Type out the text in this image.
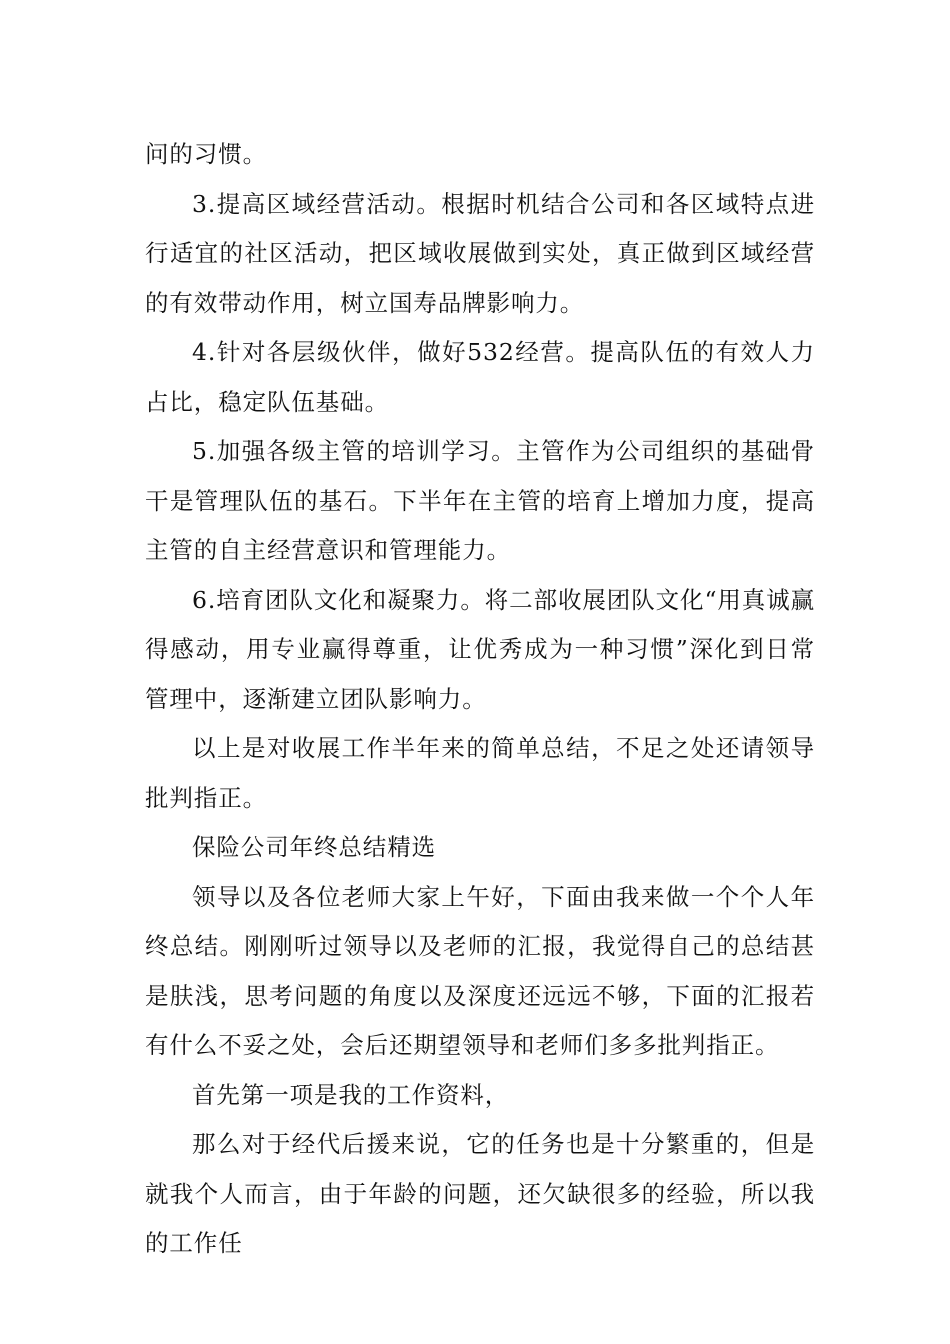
问的习惯。

3.提高区域经营活动。根据时机结合公司和各区域特点进行适宜的社区活动，把区域收展做到实处，真正做到区域经营的有效带动作用，树立国寿品牌影响力。

4.针对各层级伙伴，做好532经营。提高队伍的有效人力占比，稳定队伍基础。

5.加强各级主管的培训学习。主管作为公司组织的基础骨干是管理队伍的基石。下半年在主管的培育上增加力度，提高主管的自主经营意识和管理能力。

6.培育团队文化和凝聚力。将二部收展团队文化“用真诚赢得感动，用专业赢得尊重，让优秀成为一种习惯”深化到日常管理中，逐渐建立团队影响力。

以上是对收展工作半年来的简单总结，不足之处还请领导批判指正。

保险公司年终总结精选

领导以及各位老师大家上午好，下面由我来做一个个人年终总结。刚刚听过领导以及老师的汇报，我觉得自己的总结甚是肤浅，思考问题的角度以及深度还远远不够，下面的汇报若有什么不妥之处，会后还期望领导和老师们多多批判指正。

首先第一项是我的工作资料，

那么对于经代后援来说，它的任务也是十分繁重的，但是就我个人而言，由于年龄的问题，还欠缺很多的经验，所以我的工作任
